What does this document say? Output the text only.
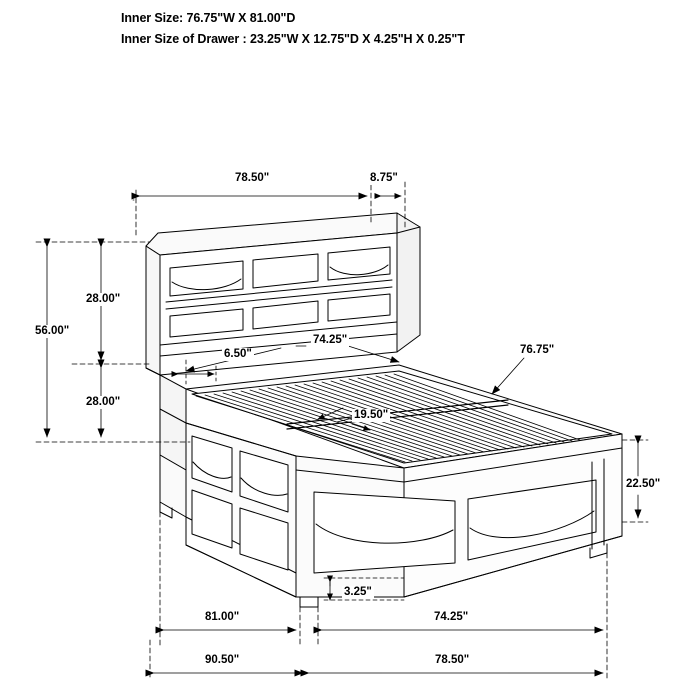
Inner Size: 76.75"W X 81.00"D
Inner Size of Drawer : 23.25"W X 12.75"D X 4.25"H X 0.25"T
78.50"	8.75"
28.00"
56.00"
28.00"
74.25"
6.50"	76.75"
19.50"
22.50"
3.25"
81.00"	74.25"
90.50"	78.50"
